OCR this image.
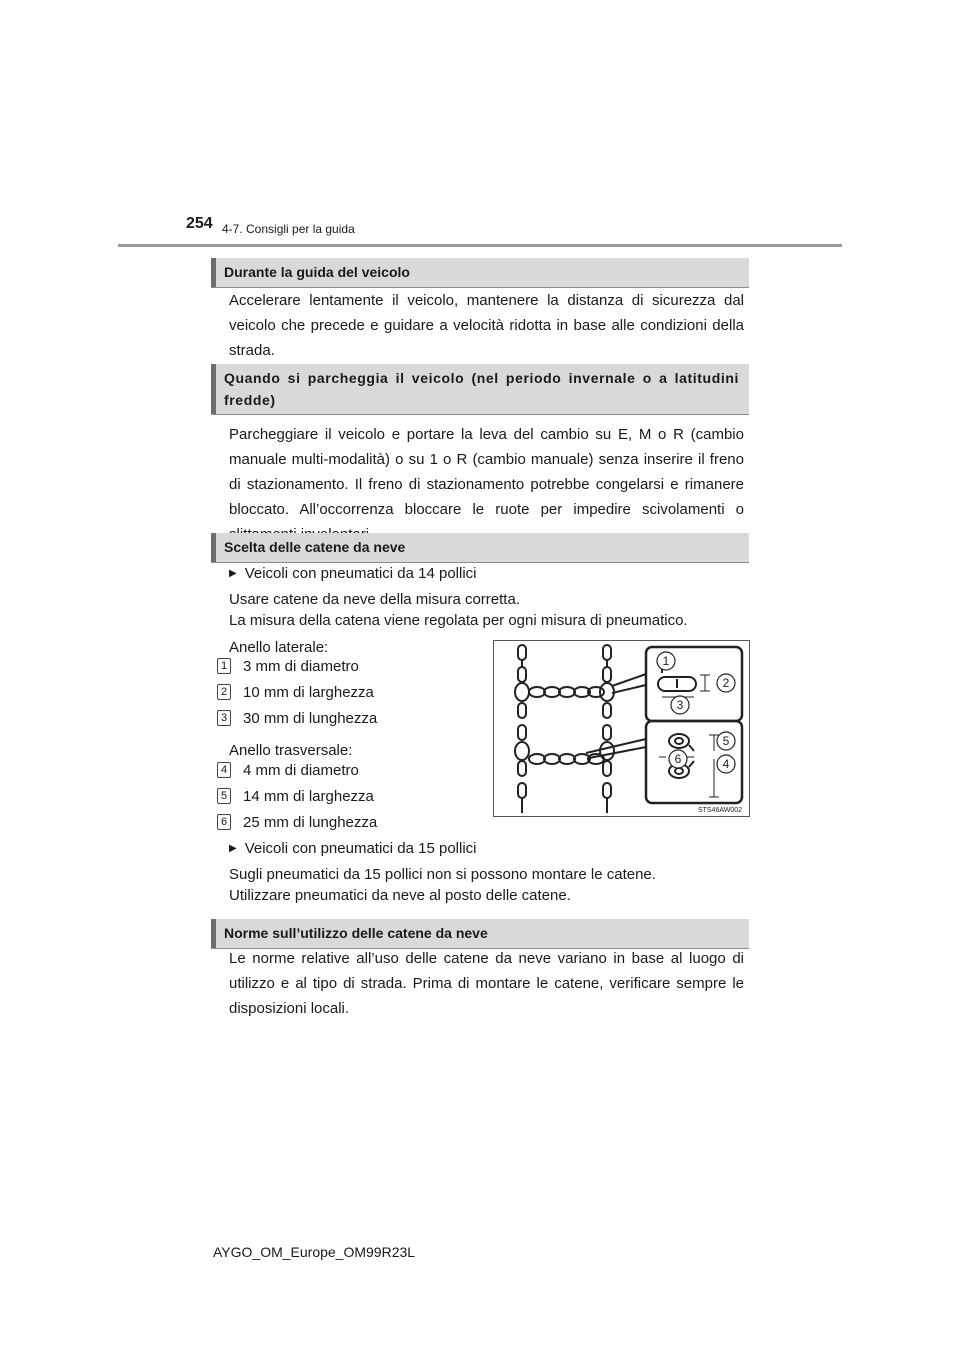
254 4-7. Consigli per la guida
Durante la guida del veicolo

Accelerare lentamente il veicolo, mantenere la distanza di sicurezza dal veicolo che precede e guidare a velocità ridotta in base alle condizioni della strada.

Quando si parcheggia il veicolo (nel periodo invernale o a latitudini fredde)

Parcheggiare il veicolo e portare la leva del cambio su E, M o R (cambio manuale multi-modalità) o su 1 o R (cambio manuale) senza inserire il freno di stazionamento. Il freno di stazionamento potrebbe congelarsi e rimanere bloccato. All’occorrenza bloccare le ruote per impedire scivolamenti o

Scelta delle catene da neve
▶ Veicoli con pneumatici da 14 pollici
Usare catene da neve della misura corretta.
La misura della catena viene regolata per ogni misura di pneumatico.
Anello laterale:
1 3 mm di diametro
2 10 mm di larghezza
3 30 mm di lunghezza
Anello trasversale:
4 4 mm di diametro
5 14 mm di larghezza
6 25 mm di lunghezza
▶ Veicoli con pneumatici da 15 pollici
Sugli pneumatici da 15 pollici non si possono montare le catene.
Utilizzare pneumatici da neve al posto delle catene.
1
2
3
4
5
6
STS46AW002
Norme sull’utilizzo delle catene da neve

Le norme relative all’uso delle catene da neve variano in base al luogo di utilizzo e al tipo di strada. Prima di montare le catene, verificare sempre le disposizioni locali.

AYGO_OM_Europe_OM99R23L
